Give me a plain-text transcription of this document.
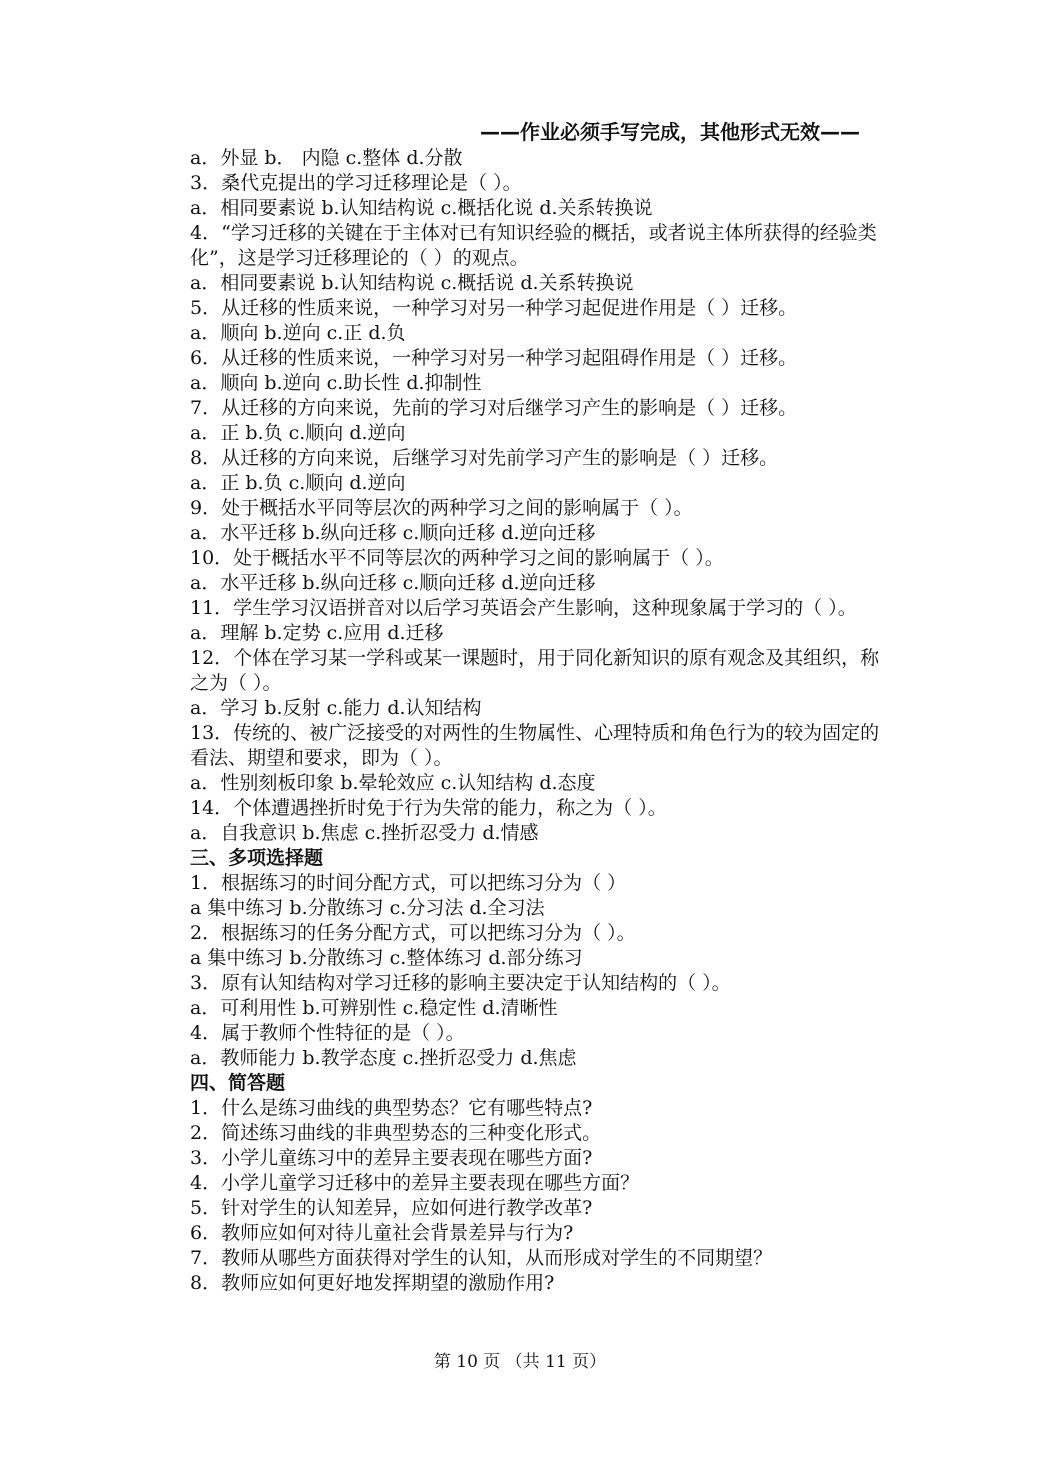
——作业必须手写完成，其他形式无效——
a．外显 b． 内隐 c.整体 d.分散
3．桑代克提出的学习迁移理论是（ ）。
a．相同要素说 b.认知结构说 c.概括化说 d.关系转换说
4．“学习迁移的关键在于主体对已有知识经验的概括，或者说主体所获得的经验类化”，这是学习迁移理论的（ ）的观点。
a．相同要素说 b.认知结构说 c.概括说 d.关系转换说
5．从迁移的性质来说，一种学习对另一种学习起促进作用是（ ）迁移。
a．顺向 b.逆向 c.正 d.负
6．从迁移的性质来说，一种学习对另一种学习起阻碍作用是（ ）迁移。
a．顺向 b.逆向 c.助长性 d.抑制性
7．从迁移的方向来说，先前的学习对后继学习产生的影响是（ ）迁移。
a．正 b.负 c.顺向 d.逆向
8．从迁移的方向来说，后继学习对先前学习产生的影响是（ ）迁移。
a．正 b.负 c.顺向 d.逆向
9．处于概括水平同等层次的两种学习之间的影响属于（ ）。
a．水平迁移 b.纵向迁移 c.顺向迁移 d.逆向迁移
10．处于概括水平不同等层次的两种学习之间的影响属于（ ）。
a．水平迁移 b.纵向迁移 c.顺向迁移 d.逆向迁移
11．学生学习汉语拼音对以后学习英语会产生影响，这种现象属于学习的（ ）。
a．理解 b.定势 c.应用 d.迁移
12．个体在学习某一学科或某一课题时，用于同化新知识的原有观念及其组织，称之为（ ）。
a．学习 b.反射 c.能力 d.认知结构
13．传统的、被广泛接受的对两性的生物属性、心理特质和角色行为的较为固定的看法、期望和要求，即为（ ）。
a．性别刻板印象 b.晕轮效应 c.认知结构 d.态度
14．个体遭遇挫折时免于行为失常的能力，称之为（ ）。
a．自我意识 b.焦虑 c.挫折忍受力 d.情感
三、多项选择题
1．根据练习的时间分配方式，可以把练习分为（ ）
a 集中练习 b.分散练习 c.分习法 d.全习法
2．根据练习的任务分配方式，可以把练习分为（ ）。
a 集中练习 b.分散练习 c.整体练习 d.部分练习
3．原有认知结构对学习迁移的影响主要决定于认知结构的（ ）。
a．可利用性 b.可辨别性 c.稳定性 d.清晰性
4．属于教师个性特征的是（ ）。
a．教师能力 b.教学态度 c.挫折忍受力 d.焦虑
四、简答题
1．什么是练习曲线的典型势态？它有哪些特点?
2．简述练习曲线的非典型势态的三种变化形式。
3．小学儿童练习中的差异主要表现在哪些方面?
4．小学儿童学习迁移中的差异主要表现在哪些方面？
5．针对学生的认知差异，应如何进行教学改革?
6．教师应如何对待儿童社会背景差异与行为?
7．教师从哪些方面获得对学生的认知，从而形成对学生的不同期望？
8．教师应如何更好地发挥期望的激励作用?
第 10 页 （共 11 页）
